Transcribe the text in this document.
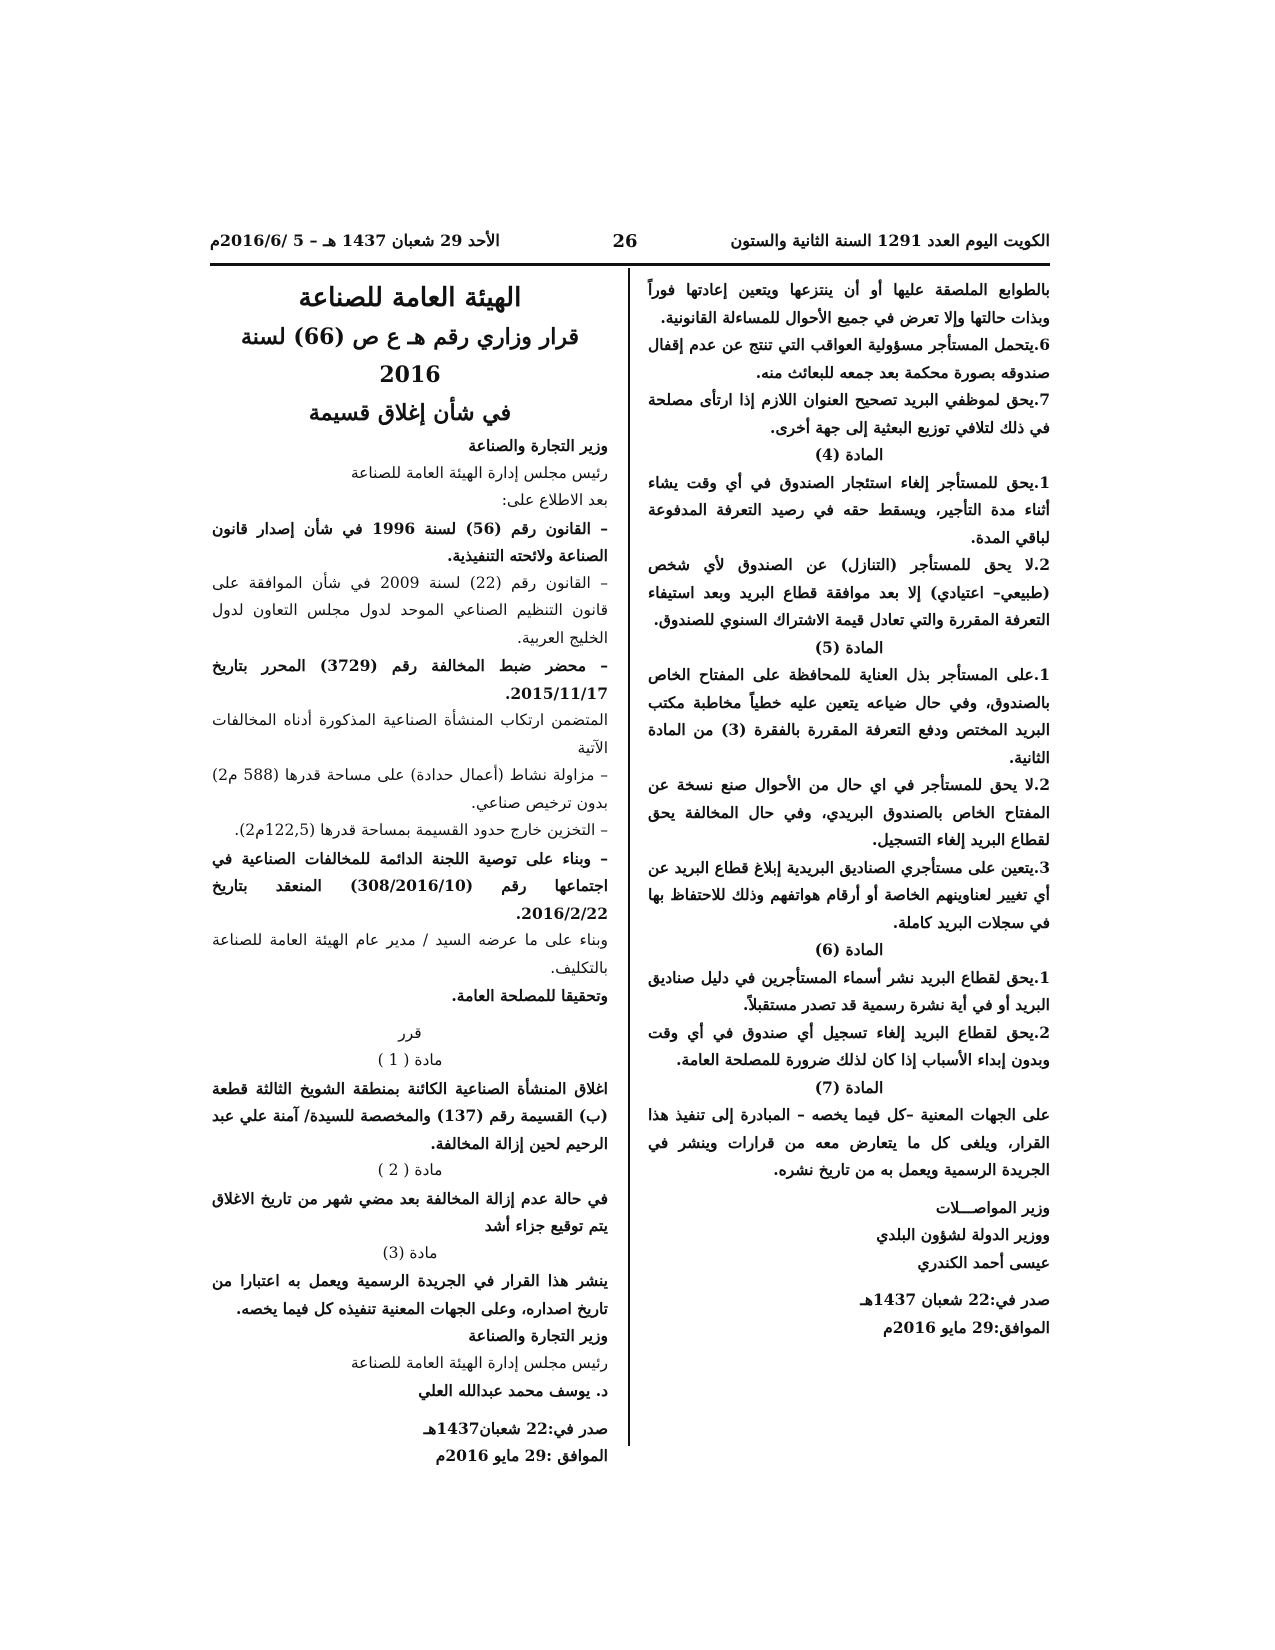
الكويت اليوم العدد 1291 السنة الثانية والستون
26
الأحد 29 شعبان 1437 هـ – 5 /2016/6م

بالطوابع الملصقة عليها أو أن ينتزعها ويتعين إعادتها فوراً وبذات حالتها وإلا تعرض في جميع الأحوال للمساءلة القانونية.

6.يتحمل المستأجر مسؤولية العواقب التي تنتج عن عدم إقفال صندوقه بصورة محكمة بعد جمعه للبعائث منه.

7.يحق لموظفي البريد تصحيح العنوان اللازم إذا ارتأى مصلحة في ذلك لتلافي توزيع البعثية إلى جهة أخرى.

المادة (4)

1.يحق للمستأجر إلغاء استئجار الصندوق في أي وقت يشاء أثناء مدة التأجير، ويسقط حقه في رصيد التعرفة المدفوعة لباقي المدة.

2.لا يحق للمستأجر (التنازل) عن الصندوق لأي شخص (طبيعي– اعتيادي) إلا بعد موافقة قطاع البريد وبعد استيفاء التعرفة المقررة والتي تعادل قيمة الاشتراك السنوي للصندوق.

المادة (5)

1.على المستأجر بذل العناية للمحافظة على المفتاح الخاص بالصندوق، وفي حال ضياعه يتعين عليه خطياً مخاطبة مكتب البريد المختص ودفع التعرفة المقررة بالفقرة (3) من المادة الثانية.

2.لا يحق للمستأجر في اي حال من الأحوال صنع نسخة عن المفتاح الخاص بالصندوق البريدي، وفي حال المخالفة يحق لقطاع البريد إلغاء التسجيل.

3.يتعين على مستأجري الصناديق البريدية إبلاغ قطاع البريد عن أي تغيير لعناوينهم الخاصة أو أرقام هواتفهم وذلك للاحتفاظ بها في سجلات البريد كاملة.

المادة (6)

1.يحق لقطاع البريد نشر أسماء المستأجرين في دليل صناديق البريد أو في أية نشرة رسمية قد تصدر مستقبلاً.

2.يحق لقطاع البريد إلغاء تسجيل أي صندوق في أي وقت وبدون إبداء الأسباب إذا كان لذلك ضرورة للمصلحة العامة.

المادة (7)

على الجهات المعنية –كل فيما يخصه – المبادرة إلى تنفيذ هذا القرار، ويلغى كل ما يتعارض معه من قرارات وينشر في الجريدة الرسمية ويعمل به من تاريخ نشره.

وزير المواصـــلات

ووزير الدولة لشؤون البلدي

عيسى أحمد الكندري

صدر في:22 شعبان 1437هـ

الموافق:29 مايو 2016م

الهيئة العامة للصناعة

قرار وزاري رقم هـ ع ص (66) لسنة 2016

في شأن إغلاق قسيمة

وزير التجارة والصناعة

رئيس مجلس إدارة الهيئة العامة للصناعة

بعد الاطلاع على:

– القانون رقم (56) لسنة 1996 في شأن إصدار قانون الصناعة ولائحته التنفيذية.

– القانون رقم (22) لسنة 2009 في شأن الموافقة على قانون التنظيم الصناعي الموحد لدول مجلس التعاون لدول الخليج العربية.

– محضر ضبط المخالفة رقم (3729) المحرر بتاريخ 2015/11/17.

المتضمن ارتكاب المنشأة الصناعية المذكورة أدناه المخالفات الآتية

– مزاولة نشاط (أعمال حدادة) على مساحة قدرها (588 م2) بدون ترخيص صناعي.

– التخزين خارج حدود القسيمة بمساحة قدرها (122,5م2).

– وبناء على توصية اللجنة الدائمة للمخالفات الصناعية في اجتماعها رقم (308/2016/10) المنعقد بتاريخ 2016/2/22.

وبناء على ما عرضه السيد / مدير عام الهيئة العامة للصناعة بالتكليف.

وتحقيقا للمصلحة العامة.

قرر

مادة ( 1 )

اغلاق المنشأة الصناعية الكائنة بمنطقة الشويخ الثالثة قطعة (ب) القسيمة رقم (137) والمخصصة للسيدة/ آمنة علي عبد الرحيم لحين إزالة المخالفة.

مادة ( 2 )

في حالة عدم إزالة المخالفة بعد مضي شهر من تاريخ الاغلاق يتم توقيع جزاء أشد

مادة (3)

ينشر هذا القرار في الجريدة الرسمية ويعمل به اعتبارا من تاريخ اصداره، وعلى الجهات المعنية تنفيذه كل فيما يخصه.

وزير التجارة والصناعة

رئيس مجلس إدارة الهيئة العامة للصناعة

د. يوسف محمد عبدالله العلي

صدر في:22 شعبان1437هـ

الموافق :29 مايو 2016م
